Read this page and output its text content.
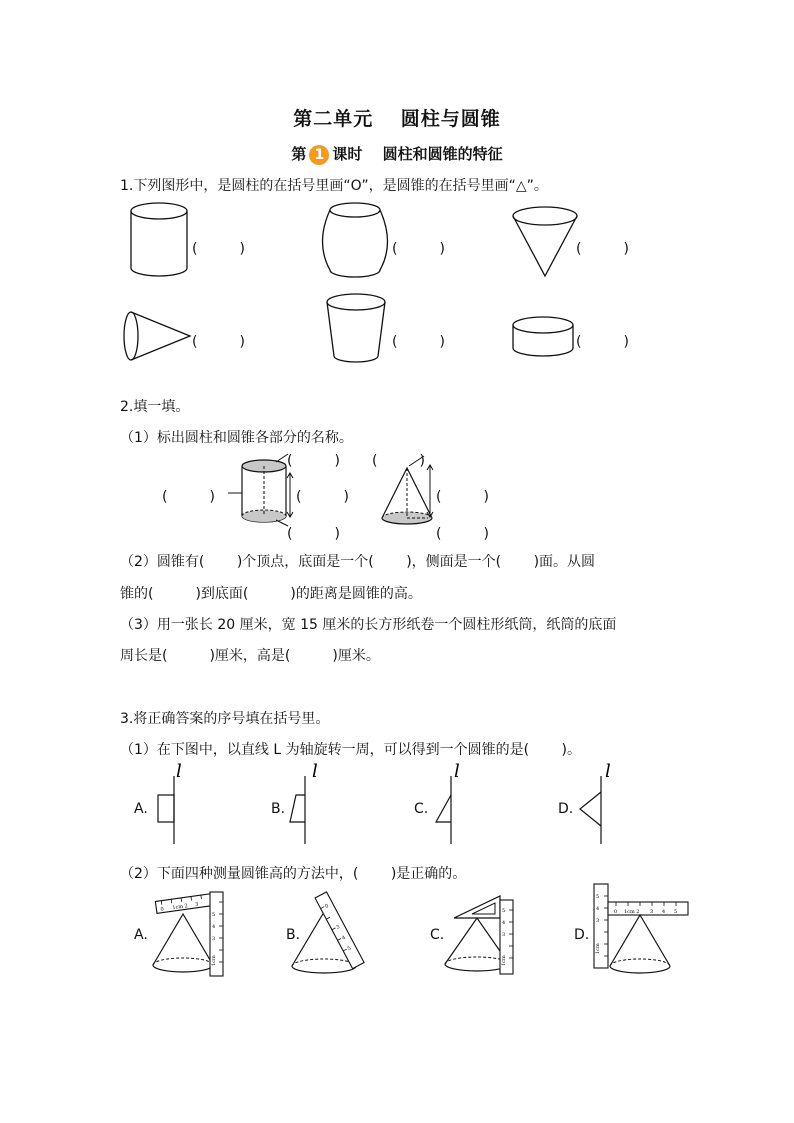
第二单元　 圆柱与圆锥
第 1 课时　 圆柱和圆锥的特征
1.下列图形中，是圆柱的在括号里画“O”，是圆锥的在括号里画“△”。
(　　　)	(　　　)	(　　　)
(　　　)	(　　　)	(　　　)
2.填一填。
（1）标出圆柱和圆锥各部分的名称。
(　　　) (　　　)
(　　　)	(　　　)	(　　　)
(　　　)	(　　　)
（2）圆锥有(　　 )个顶点，底面是一个(　　 )，侧面是一个(　　 )面。从圆
锥的(　　　)到底面(　　　)的距离是圆锥的高。
（3）用一张长 20 厘米，宽 15 厘米的长方形纸卷一个圆柱形纸筒，纸筒的底面
周长是(　　　)厘米，高是(　　　)厘米。
3.将正确答案的序号填在括号里。
（1）在下图中，以直线 L 为轴旋转一周，可以得到一个圆锥的是(　　 )。
A.
l
B.
l
C.
l
D.
l
（2）下面四种测量圆锥高的方法中，(　　 )是正确的。
A.
0 1cm 2 3
5
4
3
1cm
B.
0
3
4
5
C.
5
4
3
1cm
D.
5
4
3
1cm
0 1cm 2 3 4 5
